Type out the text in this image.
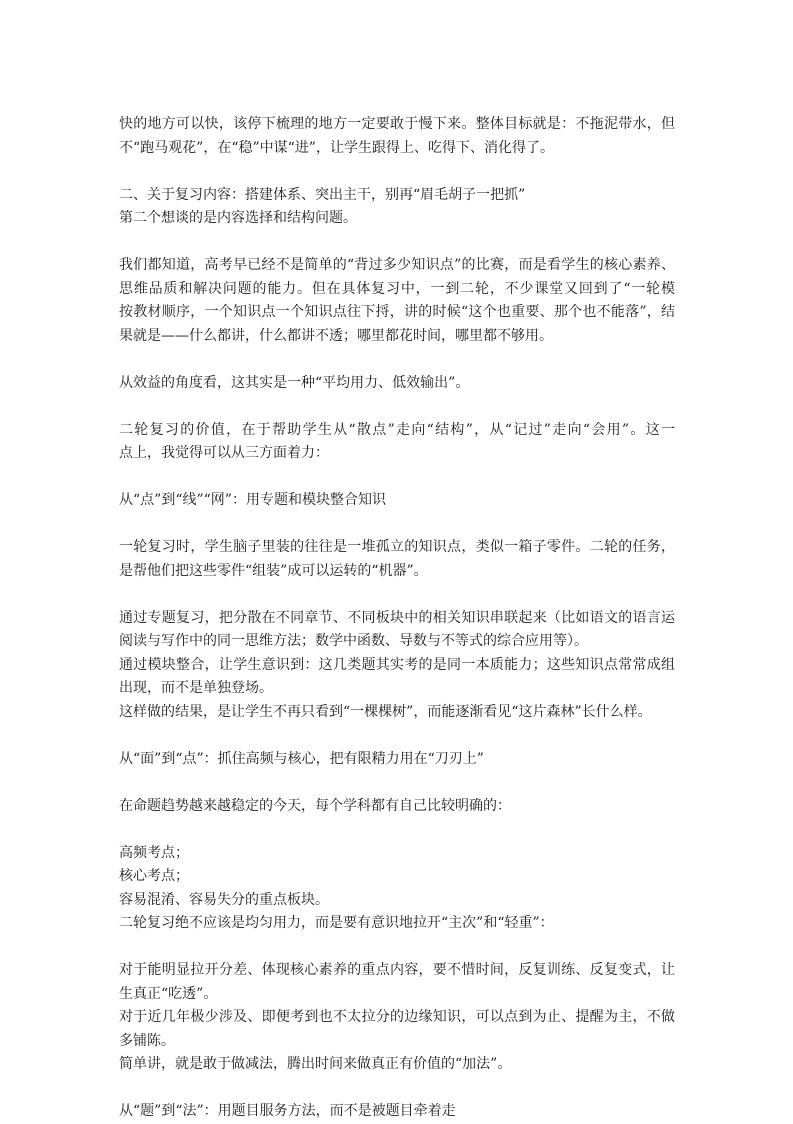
快的地方可以快，该停下梳理的地方一定要敢于慢下来。整体目标就是：不拖泥带水，但
不“跑马观花”，在“稳”中谋“进”，让学生跟得上、吃得下、消化得了。
二、关于复习内容：搭建体系、突出主干，别再“眉毛胡子一把抓”
第二个想谈的是内容选择和结构问题。
我们都知道，高考早已经不是简单的“背过多少知识点”的比赛，而是看学生的核心素养、
思维品质和解决问题的能力。但在具体复习中，一到二轮，不少课堂又回到了“一轮模
按教材顺序，一个知识点一个知识点往下捋，讲的时候“这个也重要、那个也不能落”，结
果就是——什么都讲，什么都讲不透；哪里都花时间，哪里都不够用。
从效益的角度看，这其实是一种“平均用力、低效输出”。
二轮复习的价值，在于帮助学生从“散点”走向“结构”，从“记过”走向“会用”。这一
点上，我觉得可以从三方面着力：
从“点”到“线”“网”：用专题和模块整合知识
一轮复习时，学生脑子里装的往往是一堆孤立的知识点，类似一箱子零件。二轮的任务，
是帮他们把这些零件“组装”成可以运转的“机器”。
通过专题复习，把分散在不同章节、不同板块中的相关知识串联起来（比如语文的语言运
阅读与写作中的同一思维方法；数学中函数、导数与不等式的综合应用等）。
通过模块整合，让学生意识到：这几类题其实考的是同一本质能力；这些知识点常常成组
出现，而不是单独登场。
这样做的结果，是让学生不再只看到“一棵棵树”，而能逐渐看见“这片森林”长什么样。
从“面”到“点”：抓住高频与核心，把有限精力用在“刀刃上”
在命题趋势越来越稳定的今天，每个学科都有自己比较明确的：
高频考点；
核心考点；
容易混淆、容易失分的重点板块。
二轮复习绝不应该是均匀用力，而是要有意识地拉开“主次”和“轻重”：
对于能明显拉开分差、体现核心素养的重点内容，要不惜时间，反复训练、反复变式，让
生真正“吃透”。
对于近几年极少涉及、即便考到也不太拉分的边缘知识，可以点到为止、提醒为主，不做
多铺陈。
简单讲，就是敢于做减法，腾出时间来做真正有价值的“加法”。
从“题”到“法”：用题目服务方法，而不是被题目牵着走
